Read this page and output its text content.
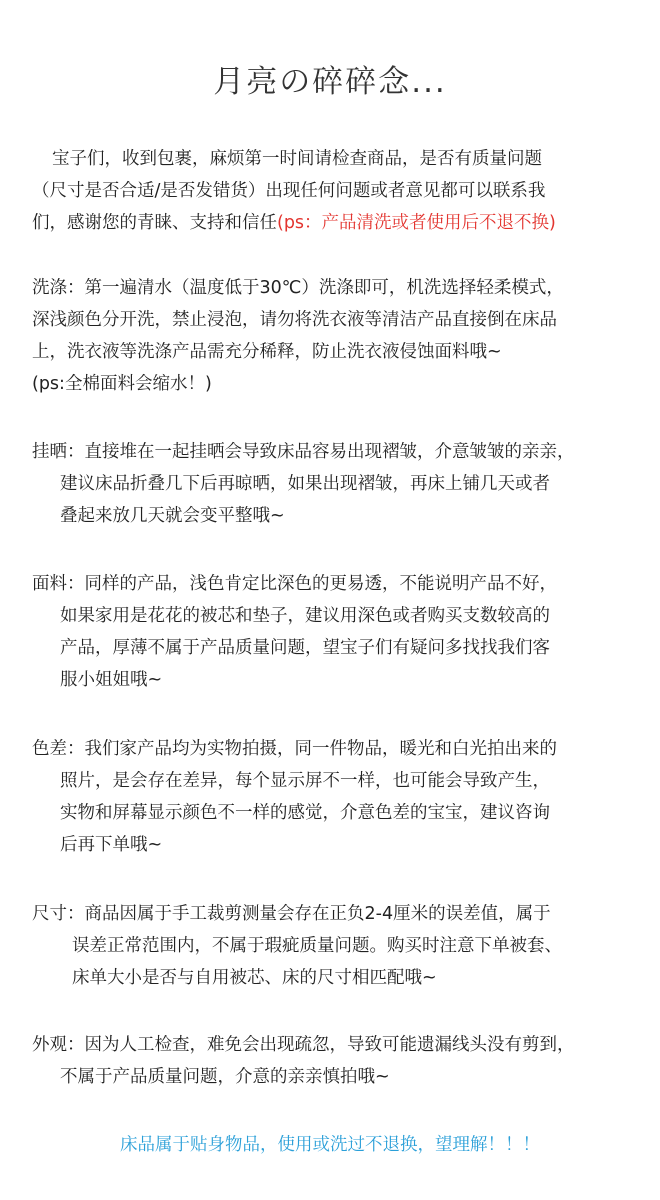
月亮の碎碎念...

宝子们，收到包裹，麻烦第一时间请检查商品，是否有质量问题
（尺寸是否合适/是否发错货）出现任何问题或者意见都可以联系我
们，感谢您的青睐、支持和信任(ps：产品清洗或者使用后不退不换)

洗涤：第一遍清水（温度低于30℃）洗涤即可，机洗选择轻柔模式，
深浅颜色分开洗，禁止浸泡，请勿将洗衣液等清洁产品直接倒在床品
上，洗衣液等洗涤产品需充分稀释，防止洗衣液侵蚀面料哦~
(ps:全棉面料会缩水！)
挂晒：直接堆在一起挂晒会导致床品容易出现褶皱，介意皱皱的亲亲，
建议床品折叠几下后再晾晒，如果出现褶皱，再床上铺几天或者
叠起来放几天就会变平整哦~
面料：同样的产品，浅色肯定比深色的更易透，不能说明产品不好，
如果家用是花花的被芯和垫子，建议用深色或者购买支数较高的
产品，厚薄不属于产品质量问题，望宝子们有疑问多找找我们客
服小姐姐哦~
色差：我们家产品均为实物拍摄，同一件物品，暖光和白光拍出来的
照片，是会存在差异，每个显示屏不一样，也可能会导致产生，
实物和屏幕显示颜色不一样的感觉，介意色差的宝宝，建议咨询
后再下单哦~
尺寸：商品因属于手工裁剪测量会存在正负2-4厘米的误差值，属于
误差正常范围内，不属于瑕疵质量问题。购买时注意下单被套、
床单大小是否与自用被芯、床的尺寸相匹配哦~
外观：因为人工检查，难免会出现疏忽，导致可能遗漏线头没有剪到，
不属于产品质量问题，介意的亲亲慎拍哦~

床品属于贴身物品，使用或洗过不退换，望理解！！！
